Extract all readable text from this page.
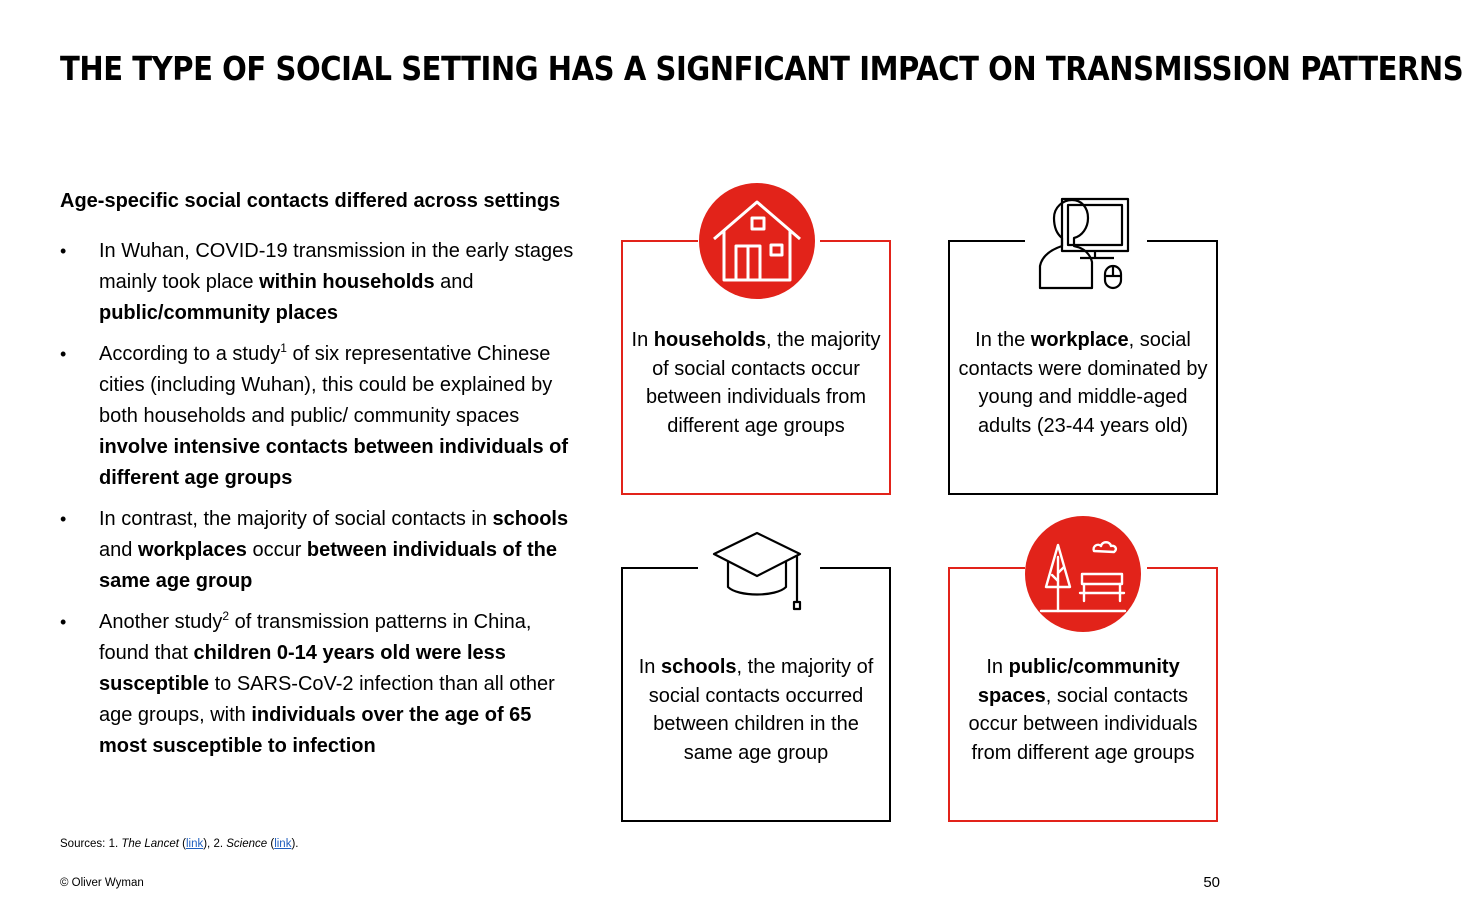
THE TYPE OF SOCIAL SETTING HAS A SIGNFICANT IMPACT ON TRANSMISSION PATTERNS

Age-specific social contacts differed across settings

• In Wuhan, COVID-19 transmission in the early stages mainly took place within households and public/community places
• According to a study$^1$ of six representative Chinese cities (including Wuhan), this could be explained by both households and public/ community spaces involve intensive contacts between individuals of different age groups
• In contrast, the majority of social contacts in schools and workplaces occur between individuals of the same age group
• Another study$^2$ of transmission patterns in China, found that children 0-14 years old were less susceptible to SARS-CoV-2 infection than all other age groups, with individuals over the age of 65 most susceptible to infection
In households, the majority of social contacts occur between individuals from different age groups
In the workplace, social contacts were dominated by young and middle-aged adults (23-44 years old)
In schools, the majority of social contacts occurred between children in the same age group
In public/community spaces, social contacts occur between individuals from different age groups

Sources: 1. The Lancet (link), 2. Science (link).

© Oliver Wyman	50
